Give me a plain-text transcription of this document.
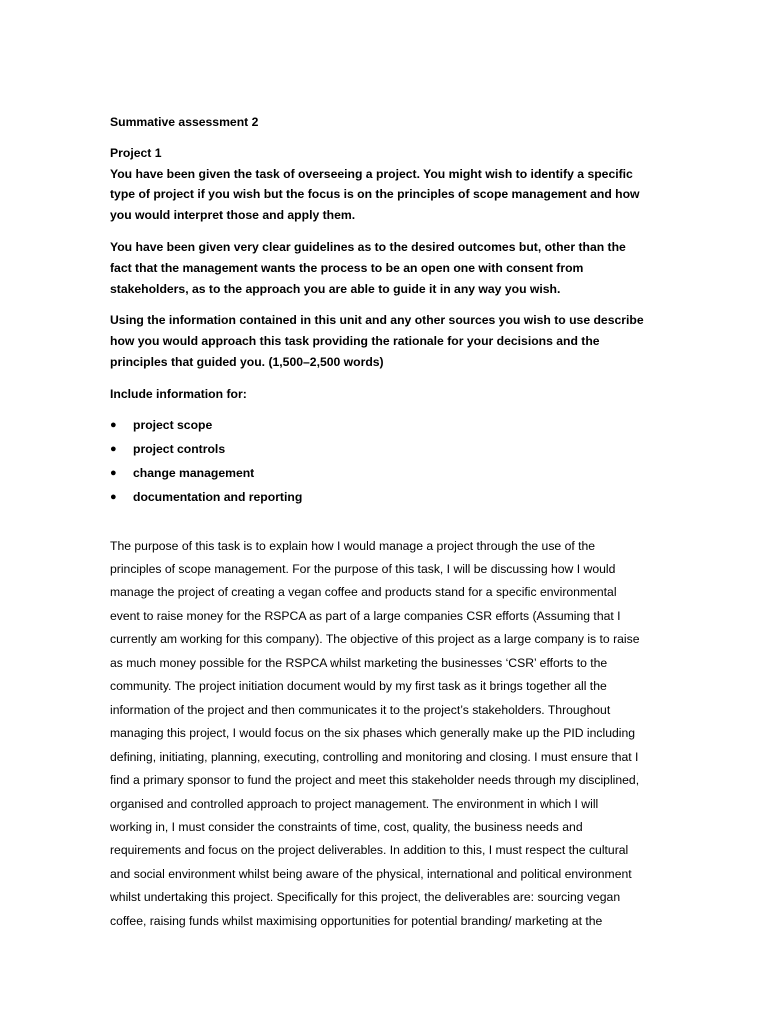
Summative assessment 2

Project 1
You have been given the task of overseeing a project. You might wish to identify a specific
type of project if you wish but the focus is on the principles of scope management and how
you would interpret those and apply them.
You have been given very clear guidelines as to the desired outcomes but, other than the
fact that the management wants the process to be an open one with consent from
stakeholders, as to the approach you are able to guide it in any way you wish.
Using the information contained in this unit and any other sources you wish to use describe
how you would approach this task providing the rationale for your decisions and the
principles that guided you. (1,500–2,500 words)

Include information for:

● project scope
● project controls
● change management
● documentation and reporting
The purpose of this task is to explain how I would manage a project through the use of the
principles of scope management. For the purpose of this task, I will be discussing how I would
manage the project of creating a vegan coffee and products stand for a specific environmental
event to raise money for the RSPCA as part of a large companies CSR efforts (Assuming that I
currently am working for this company). The objective of this project as a large company is to raise
as much money possible for the RSPCA whilst marketing the businesses ‘CSR’ efforts to the
community. The project initiation document would by my first task as it brings together all the
information of the project and then communicates it to the project’s stakeholders. Throughout
managing this project, I would focus on the six phases which generally make up the PID including
defining, initiating, planning, executing, controlling and monitoring and closing. I must ensure that I
find a primary sponsor to fund the project and meet this stakeholder needs through my disciplined,
organised and controlled approach to project management. The environment in which I will
working in, I must consider the constraints of time, cost, quality, the business needs and
requirements and focus on the project deliverables. In addition to this, I must respect the cultural
and social environment whilst being aware of the physical, international and political environment
whilst undertaking this project. Specifically for this project, the deliverables are: sourcing vegan
coffee, raising funds whilst maximising opportunities for potential branding/ marketing at the
